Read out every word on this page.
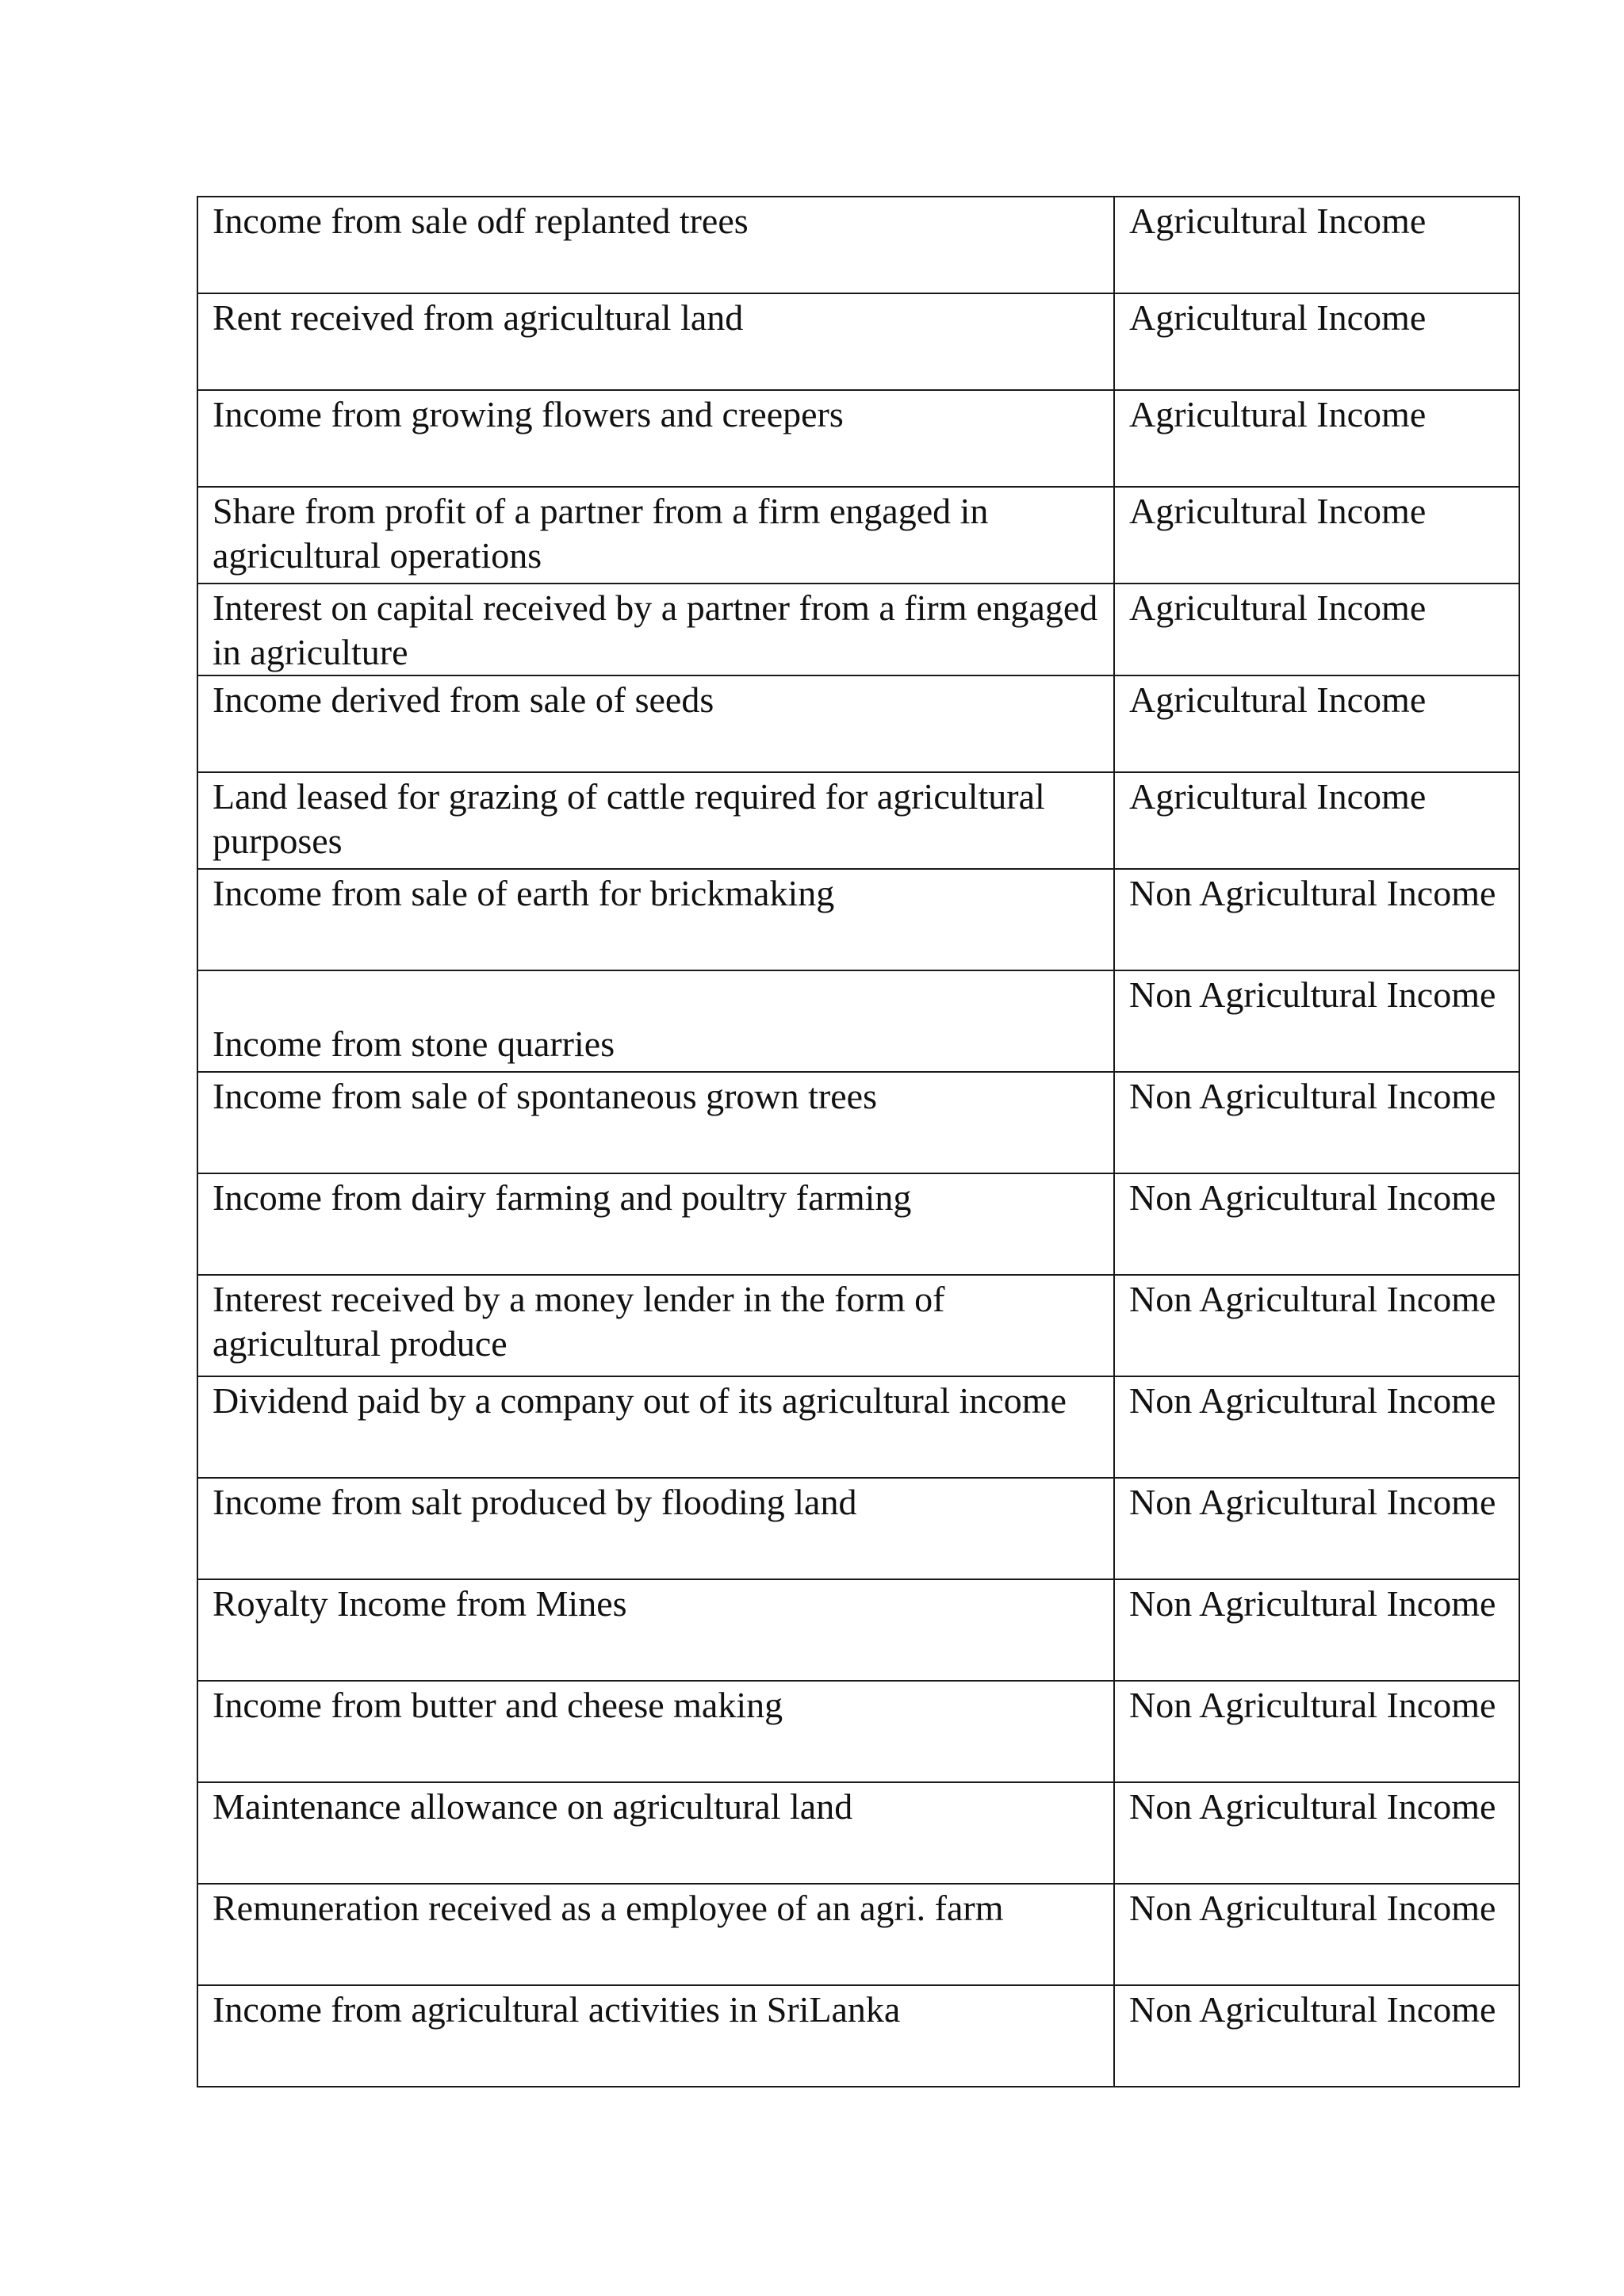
Income from sale odf replanted trees	Agricultural Income

Rent received from agricultural land	Agricultural Income

Income from growing flowers and creepers	Agricultural Income

Share from profit of a partner from a firm engaged in agricultural operations	Agricultural Income

Interest on capital received by a partner from a firm engaged in agriculture	Agricultural Income

Income derived from sale of seeds	Agricultural Income

Land leased for grazing of cattle required for agricultural purposes	Agricultural Income

Income from sale of earth for brickmaking	Non Agricultural Income

Income from stone quarries	Non Agricultural Income

Income from sale of spontaneous grown trees	Non Agricultural Income

Income from dairy farming and poultry farming	Non Agricultural Income

Interest received by a money lender in the form of agricultural produce	Non Agricultural Income

Dividend paid by a company out of its agricultural income	Non Agricultural Income

Income from salt produced by flooding land	Non Agricultural Income

Royalty Income from Mines	Non Agricultural Income

Income from butter and cheese making	Non Agricultural Income

Maintenance allowance on agricultural land	Non Agricultural Income

Remuneration received as a employee of an agri. farm	Non Agricultural Income

Income from agricultural activities in SriLanka	Non Agricultural Income
